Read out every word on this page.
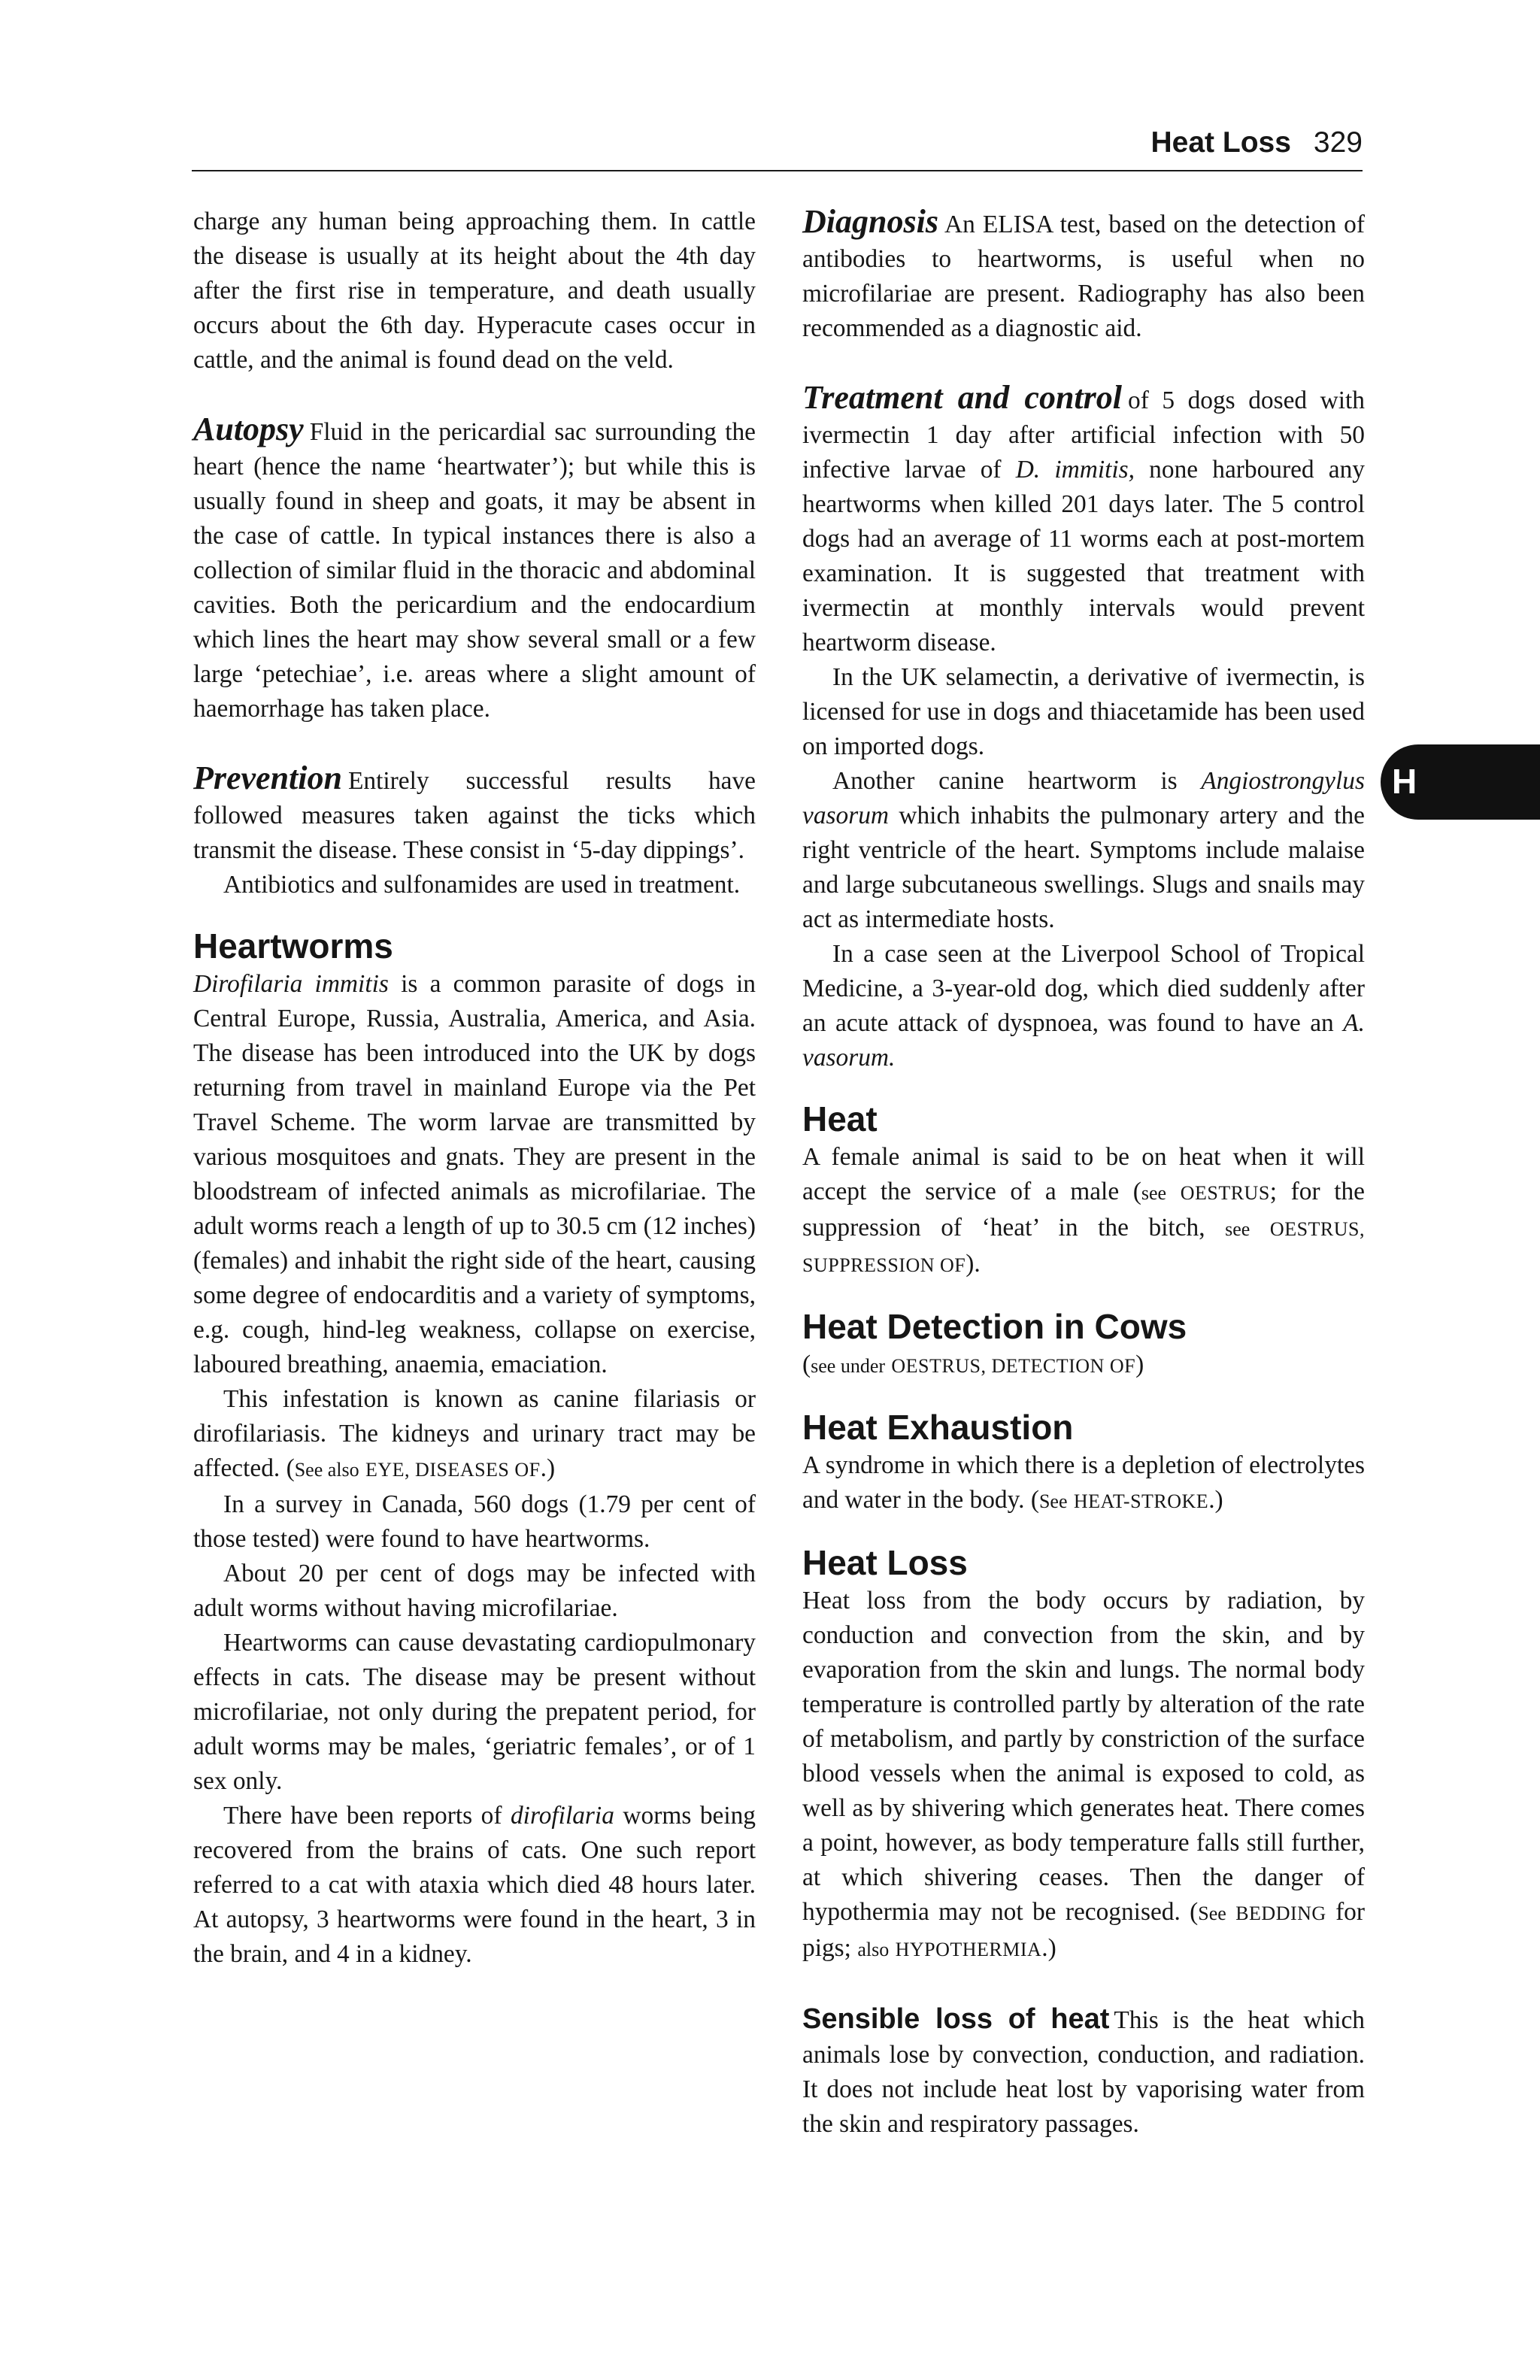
Heat Loss 329
H

charge any human being approaching them. In cattle the disease is usually at its height about the 4th day after the first rise in temperature, and death usually occurs about the 6th day. Hyperacute cases occur in cattle, and the animal is found dead on the veld.

Autopsy Fluid in the pericardial sac surrounding the heart (hence the name ‘heartwater’); but while this is usually found in sheep and goats, it may be absent in the case of cattle. In typical instances there is also a collection of similar fluid in the thoracic and abdominal cavities. Both the pericardium and the endocardium which lines the heart may show several small or a few large ‘petechiae’, i.e. areas where a slight amount of haemorrhage has taken place.

Prevention Entirely successful results have followed measures taken against the ticks which transmit the disease. These consist in ‘5-day dippings’.

Antibiotics and sulfonamides are used in treatment.

Heartworms

Dirofilaria immitis is a common parasite of dogs in Central Europe, Russia, Australia, America, and Asia. The disease has been introduced into the UK by dogs returning from travel in mainland Europe via the Pet Travel Scheme. The worm larvae are transmitted by various mosquitoes and gnats. They are present in the bloodstream of infected animals as microfilariae. The adult worms reach a length of up to 30.5 cm (12 inches) (females) and inhabit the right side of the heart, causing some degree of endocarditis and a variety of symptoms, e.g. cough, hind-leg weakness, collapse on exercise, laboured breathing, anaemia, emaciation.

This infestation is known as canine filariasis or dirofilariasis. The kidneys and urinary tract may be affected. (See also EYE, DISEASES OF.)

In a survey in Canada, 560 dogs (1.79 per cent of those tested) were found to have heartworms.

About 20 per cent of dogs may be infected with adult worms without having microfilariae.

Heartworms can cause devastating cardiopulmonary effects in cats. The disease may be present without microfilariae, not only during the prepatent period, for adult worms may be males, ‘geriatric females’, or of 1 sex only.

There have been reports of dirofilaria worms being recovered from the brains of cats. One such report referred to a cat with ataxia which died 48 hours later. At autopsy, 3 heartworms were found in the heart, 3 in the brain, and 4 in a kidney.

Diagnosis An ELISA test, based on the detection of antibodies to heartworms, is useful when no microfilariae are present. Radiography has also been recommended as a diagnostic aid.

Treatment and control of 5 dogs dosed with ivermectin 1 day after artificial infection with 50 infective larvae of D. immitis, none harboured any heartworms when killed 201 days later. The 5 control dogs had an average of 11 worms each at post-mortem examination. It is suggested that treatment with ivermectin at monthly intervals would prevent heartworm disease.

In the UK selamectin, a derivative of ivermectin, is licensed for use in dogs and thiacetamide has been used on imported dogs.

Another canine heartworm is Angiostrongylus vasorum which inhabits the pulmonary artery and the right ventricle of the heart. Symptoms include malaise and large subcutaneous swellings. Slugs and snails may act as intermediate hosts.

In a case seen at the Liverpool School of Tropical Medicine, a 3-year-old dog, which died suddenly after an acute attack of dyspnoea, was found to have an A. vasorum.

Heat

A female animal is said to be on heat when it will accept the service of a male (see OESTRUS; for the suppression of ‘heat’ in the bitch, see OESTRUS, SUPPRESSION OF).

Heat Detection in Cows

(see under OESTRUS, DETECTION OF)

Heat Exhaustion

A syndrome in which there is a depletion of electrolytes and water in the body. (See HEAT-STROKE.)

Heat Loss

Heat loss from the body occurs by radiation, by conduction and convection from the skin, and by evaporation from the skin and lungs. The normal body temperature is controlled partly by alteration of the rate of metabolism, and partly by constriction of the surface blood vessels when the animal is exposed to cold, as well as by shivering which generates heat. There comes a point, however, as body temperature falls still further, at which shivering ceases. Then the danger of hypothermia may not be recognised. (See BEDDING for pigs; also HYPOTHERMIA.)

Sensible loss of heat This is the heat which animals lose by convection, conduction, and radiation. It does not include heat lost by vaporising water from the skin and respiratory passages.
